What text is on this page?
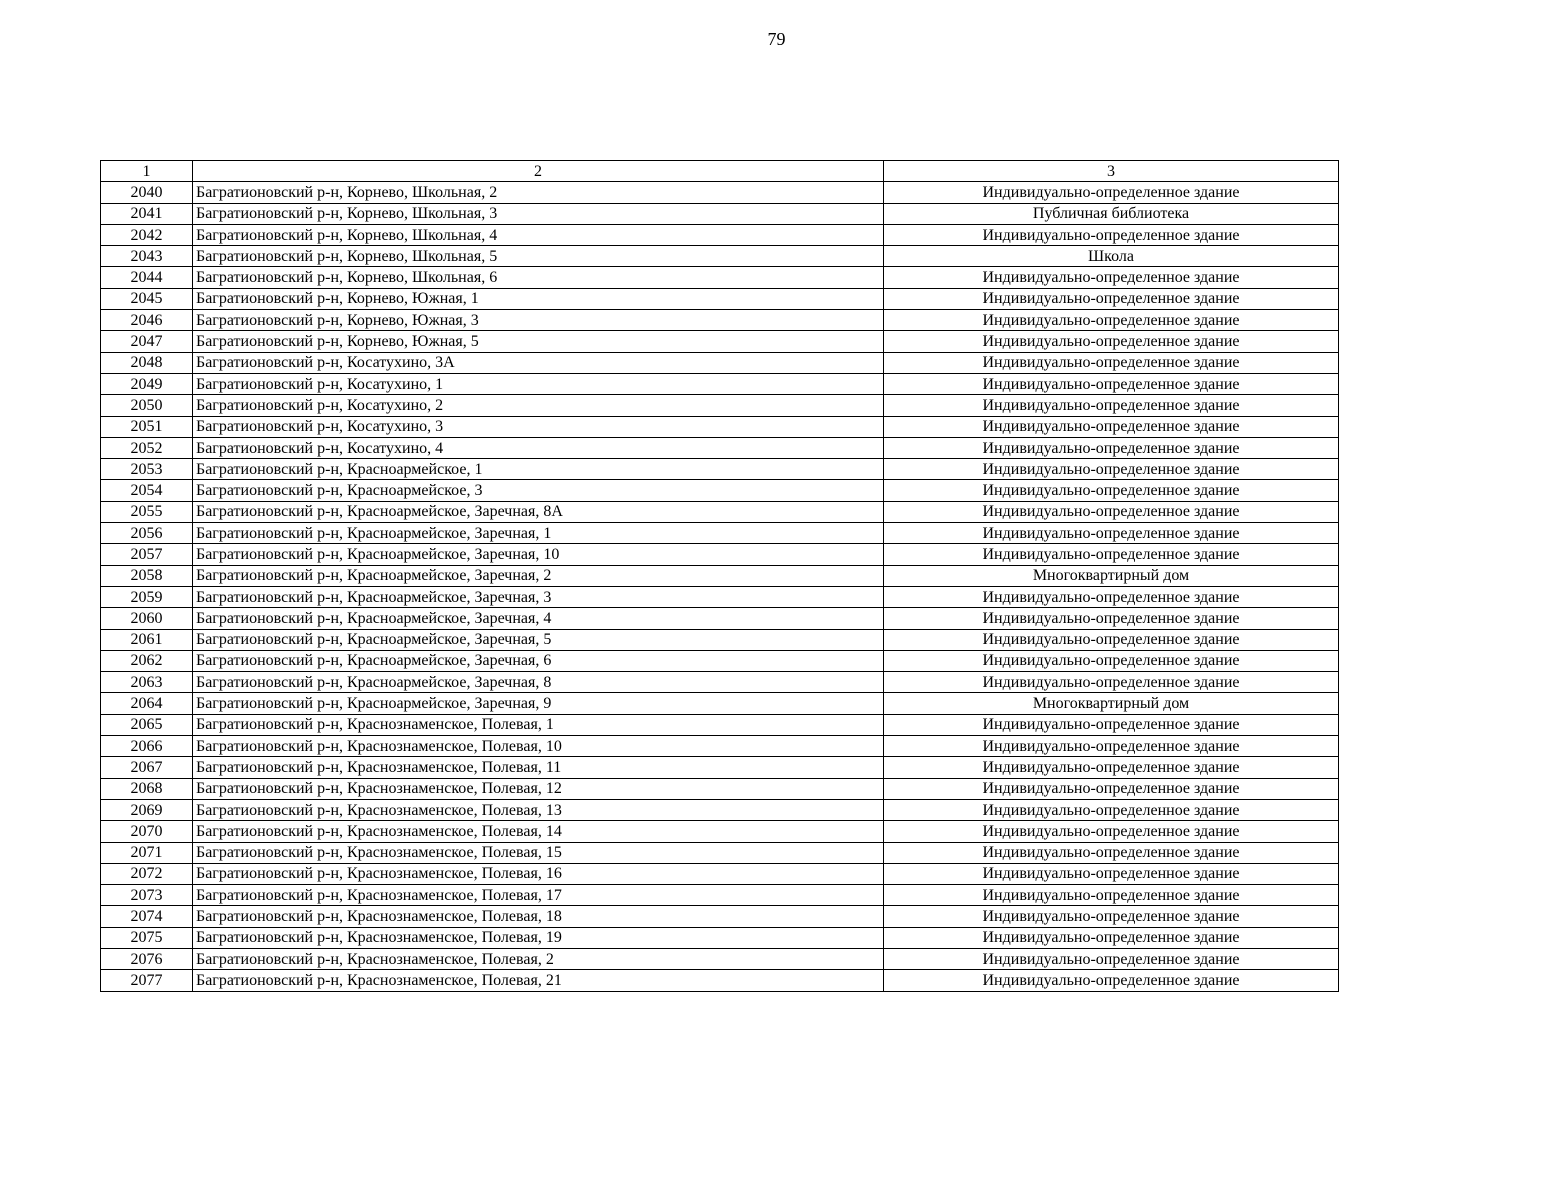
79
1	2	3
2040	Багратионовский р-н, Корнево, Школьная, 2	Индивидуально-определенное здание
2041	Багратионовский р-н, Корнево, Школьная, 3	Публичная библиотека
2042	Багратионовский р-н, Корнево, Школьная, 4	Индивидуально-определенное здание
2043	Багратионовский р-н, Корнево, Школьная, 5	Школа
2044	Багратионовский р-н, Корнево, Школьная, 6	Индивидуально-определенное здание
2045	Багратионовский р-н, Корнево, Южная, 1	Индивидуально-определенное здание
2046	Багратионовский р-н, Корнево, Южная, 3	Индивидуально-определенное здание
2047	Багратионовский р-н, Корнево, Южная, 5	Индивидуально-определенное здание
2048	Багратионовский р-н, Косатухино, 3А	Индивидуально-определенное здание
2049	Багратионовский р-н, Косатухино, 1	Индивидуально-определенное здание
2050	Багратионовский р-н, Косатухино, 2	Индивидуально-определенное здание
2051	Багратионовский р-н, Косатухино, 3	Индивидуально-определенное здание
2052	Багратионовский р-н, Косатухино, 4	Индивидуально-определенное здание
2053	Багратионовский р-н, Красноармейское, 1	Индивидуально-определенное здание
2054	Багратионовский р-н, Красноармейское, 3	Индивидуально-определенное здание
2055	Багратионовский р-н, Красноармейское, Заречная, 8А	Индивидуально-определенное здание
2056	Багратионовский р-н, Красноармейское, Заречная, 1	Индивидуально-определенное здание
2057	Багратионовский р-н, Красноармейское, Заречная, 10	Индивидуально-определенное здание
2058	Багратионовский р-н, Красноармейское, Заречная, 2	Многоквартирный дом
2059	Багратионовский р-н, Красноармейское, Заречная, 3	Индивидуально-определенное здание
2060	Багратионовский р-н, Красноармейское, Заречная, 4	Индивидуально-определенное здание
2061	Багратионовский р-н, Красноармейское, Заречная, 5	Индивидуально-определенное здание
2062	Багратионовский р-н, Красноармейское, Заречная, 6	Индивидуально-определенное здание
2063	Багратионовский р-н, Красноармейское, Заречная, 8	Индивидуально-определенное здание
2064	Багратионовский р-н, Красноармейское, Заречная, 9	Многоквартирный дом
2065	Багратионовский р-н, Краснознаменское, Полевая, 1	Индивидуально-определенное здание
2066	Багратионовский р-н, Краснознаменское, Полевая, 10	Индивидуально-определенное здание
2067	Багратионовский р-н, Краснознаменское, Полевая, 11	Индивидуально-определенное здание
2068	Багратионовский р-н, Краснознаменское, Полевая, 12	Индивидуально-определенное здание
2069	Багратионовский р-н, Краснознаменское, Полевая, 13	Индивидуально-определенное здание
2070	Багратионовский р-н, Краснознаменское, Полевая, 14	Индивидуально-определенное здание
2071	Багратионовский р-н, Краснознаменское, Полевая, 15	Индивидуально-определенное здание
2072	Багратионовский р-н, Краснознаменское, Полевая, 16	Индивидуально-определенное здание
2073	Багратионовский р-н, Краснознаменское, Полевая, 17	Индивидуально-определенное здание
2074	Багратионовский р-н, Краснознаменское, Полевая, 18	Индивидуально-определенное здание
2075	Багратионовский р-н, Краснознаменское, Полевая, 19	Индивидуально-определенное здание
2076	Багратионовский р-н, Краснознаменское, Полевая, 2	Индивидуально-определенное здание
2077	Багратионовский р-н, Краснознаменское, Полевая, 21	Индивидуально-определенное здание
